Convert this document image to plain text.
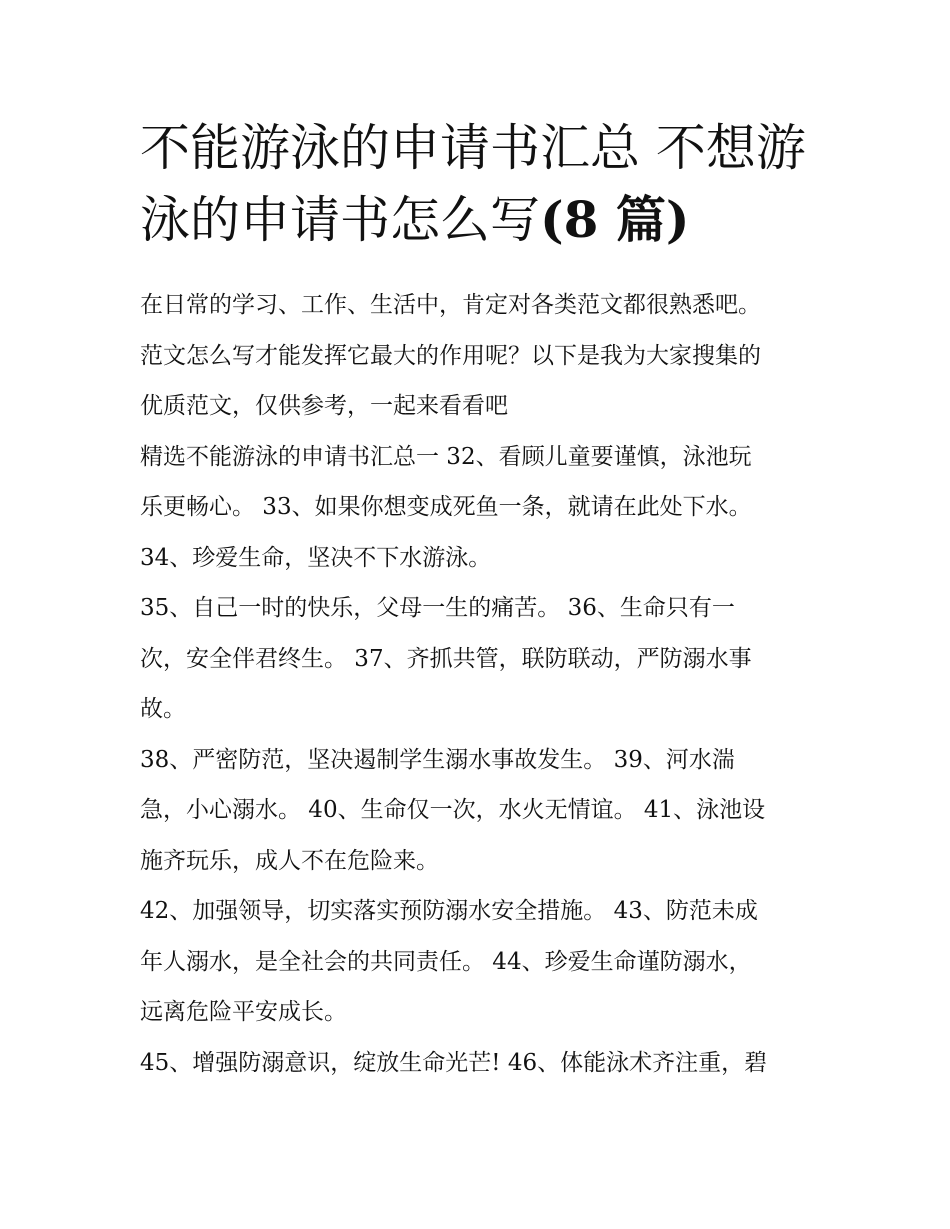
不能游泳的申请书汇总 不想游
泳的申请书怎么写(8 篇)

在日常的学习、工作、生活中，肯定对各类范文都很熟悉吧。
范文怎么写才能发挥它最大的作用呢？以下是我为大家搜集的
优质范文，仅供参考，一起来看看吧

精选不能游泳的申请书汇总一 32、看顾儿童要谨慎，泳池玩
乐更畅心。 33、如果你想变成死鱼一条，就请在此处下水。
34、珍爱生命，坚决不下水游泳。

35、自己一时的快乐，父母一生的痛苦。 36、生命只有一
次，安全伴君终生。 37、齐抓共管，联防联动，严防溺水事
故。

38、严密防范，坚决遏制学生溺水事故发生。 39、河水湍
急，小心溺水。 40、生命仅一次，水火无情谊。 41、泳池设
施齐玩乐，成人不在危险来。

42、加强领导，切实落实预防溺水安全措施。 43、防范未成
年人溺水，是全社会的共同责任。 44、珍爱生命谨防溺水，
远离危险平安成长。

45、增强防溺意识，绽放生命光芒! 46、体能泳术齐注重，碧
